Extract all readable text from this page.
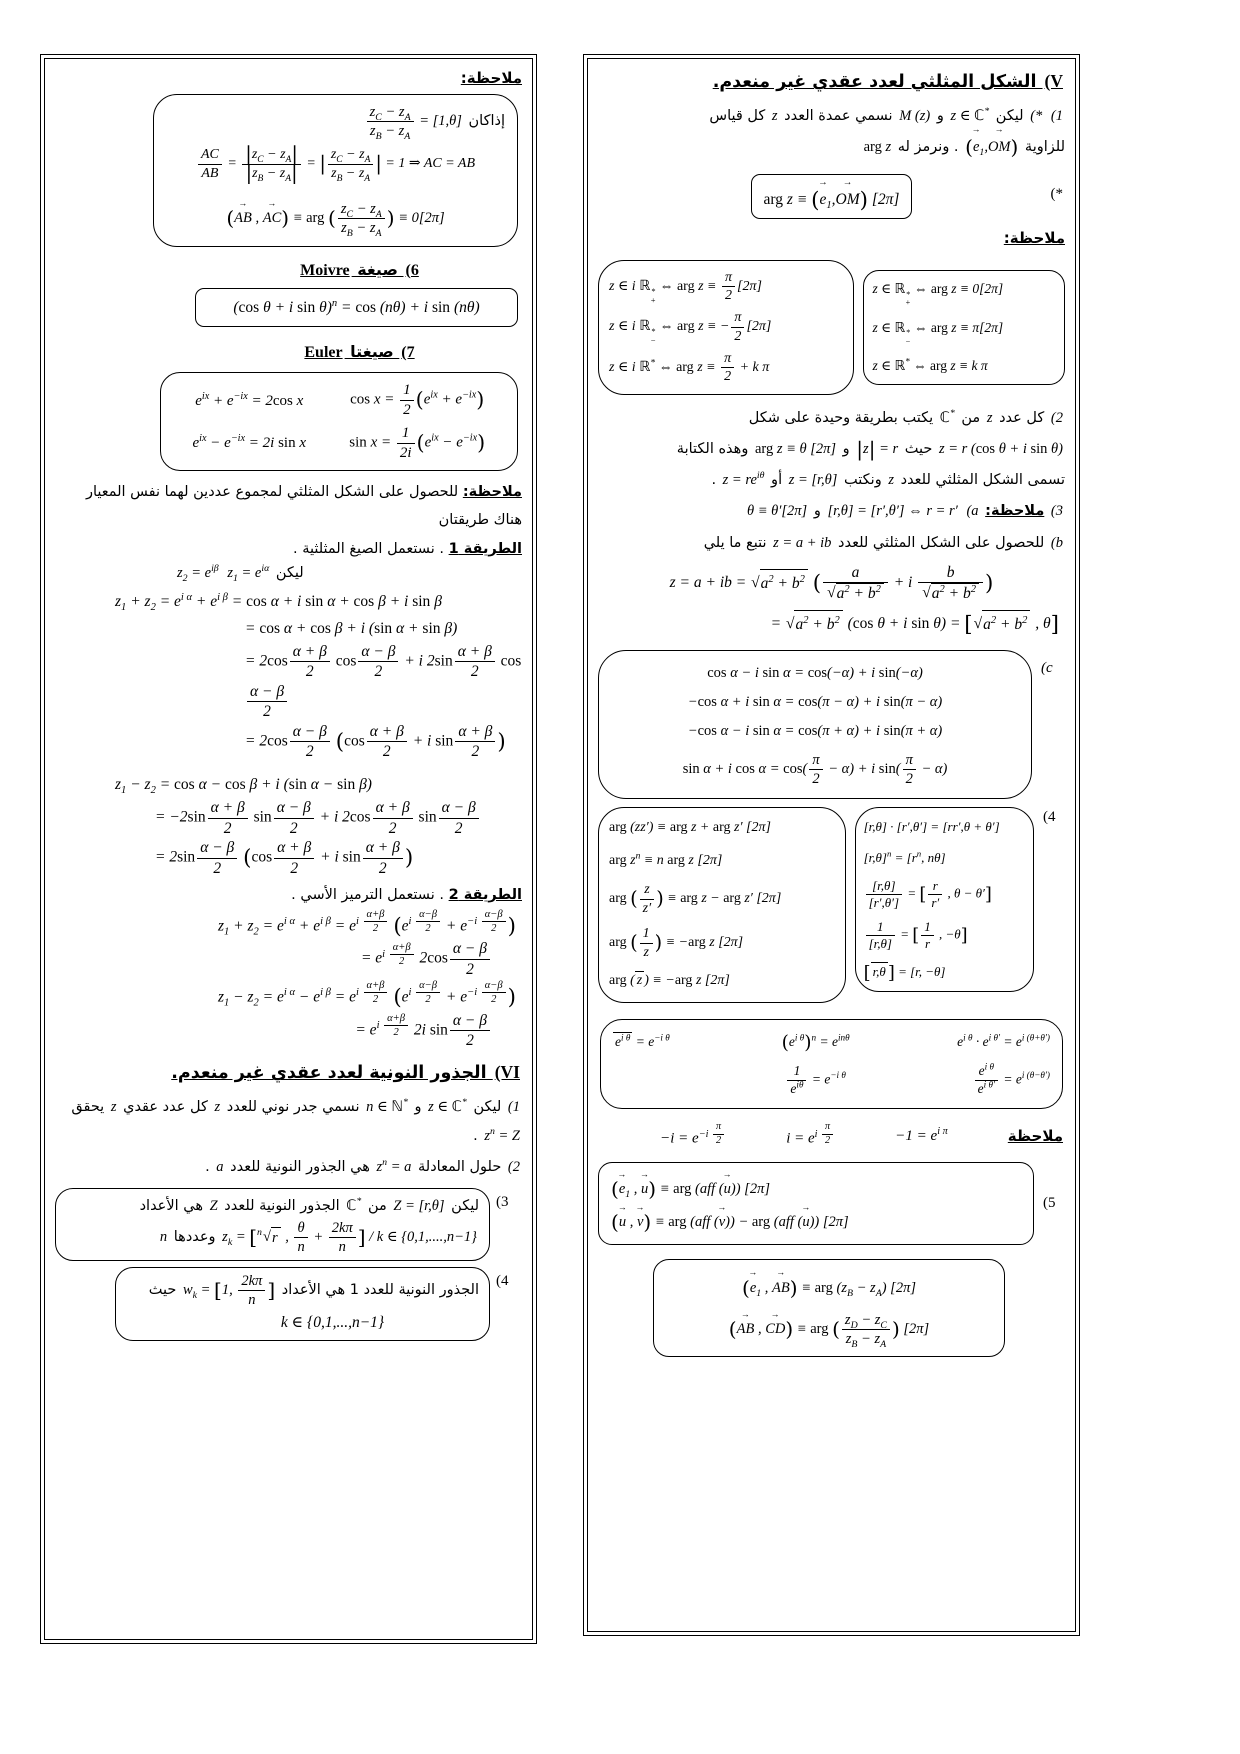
ملاحظة:
إذاكان
$\frac{z_C - z_A}{z_B - z_A} = [1,\theta]$
$\frac{AC}{AB} = \frac{|z_C - z_A|}{|z_B - z_A|}$ = | $\frac{z_C - z_A}{z_B - z_A}$ | = 1 ⇒ AC = AB
(→ AB , → AC) ≡ arg ( $\frac{z_C - z_A}{z_B - z_A}$ ) ≡ 0[2π]
(6 صيغة Moivre
(cos θ + i sin θ)$^n$ = cos (nθ) + i sin (nθ)
(7 صيغتا Euler
$e^{ix} + e^{-ix} = 2\cos$ x	$\cos x = \frac{1}{2} (e^{ix} + e^{-ix})$
$e^{ix} - e^{-ix} = 2i$ sin x	$\sin x = \frac{1}{2i} (e^{ix} - e^{-ix})$

ملاحظة: للحصول على الشكل المثلثي لمجموع عددين لهما نفس المعيار هناك طريقتان

الطريقة 1 . نستعمل الصيغ المثلثية .
ليكن $z_1 = e^{i\alpha}$ $z_2 = e^{i\beta}$
$z_1 + z_2 = e^{i \alpha} + e^{i \beta} = \cos \alpha + i$ sin α + cos β + i sin β
= cos α + cos β + i (sin α + sin β)
= $2\cos \frac{\alpha + \beta}{2}$ $\cos \frac{\alpha - \beta}{2} + i$ $2\sin \frac{\alpha + \beta}{2}$ cos
$\frac{\alpha - \beta}{2}$
= $2\cos \frac{\alpha - \beta}{2} (\cos \frac{\alpha + \beta}{2} + i$ $\sin \frac{\alpha + \beta}{2}$ )
$z_1 - z_2 = \cos \alpha - \cos \beta + i$ (sin α − sin β)
= $-2\sin \frac{\alpha + \beta}{2}$ $\sin \frac{\alpha - \beta}{2} + i$ $2\cos \frac{\alpha + \beta}{2}$ $\sin \frac{\alpha - \beta}{2}$
= $2\sin \frac{\alpha - \beta}{2} (\cos \frac{\alpha + \beta}{2} + i$ $\sin \frac{\alpha + \beta}{2}$ )
الطريقة 2 . نستعمل الترميز الأسي .
$z_1 + z_2 = e^{i \alpha} + e^{i \beta} = e^{i \frac{\alpha+\beta}{2}}$ ($e^{i \frac{\alpha-\beta}{2}} + e^{-i \frac{\alpha-\beta}{2}}$ )
= $e^{i \frac{\alpha+\beta}{2}}$ $2\cos \frac{\alpha - \beta}{2}$
$z_1 - z_2 = e^{i \alpha} - e^{i \beta} = e^{i \frac{\alpha+\beta}{2}}$ ($e^{i \frac{\alpha-\beta}{2}} + e^{-i \frac{\alpha-\beta}{2}}$ )
= $e^{i \frac{\alpha+\beta}{2}}$ 2i $\sin \frac{\alpha - \beta}{2}$
(VI الجذور النونية لعدد عقدي غير منعدم.

(1 ليكن z ∈ ℂ* و n ∈ ℕ* نسمي جدر نوني للعدد z كل عدد عقدي z يحقق $z^n = Z$ .

(2 حلول المعادلة $z^n = a$ هي الجذور النونية للعدد a .

(3
ليكن Z = [r,θ] من ℂ* الجذور النونية للعدد Z هي الأعداد
$z_k = [^n$ √ r , $\frac{\theta}{n} + \frac{2k\pi}{n}$ ] / k ∈ {0,1,....,n−1} وعددها n
(4
الجذور النونية للعدد 1 هي الأعداد $w_k = [1$, $\frac{2k\pi}{n}$ ] حيث
k ∈ {0,1,...,n−1}
(V الشكل المثلثي لعدد عقدي غير منعدم.

(1 (* ليكن z ∈ ℂ* و M (z) نسمي عمدة العدد z كل قياس

للزاوية (→ $e_1,\to OM$) . ونرمز له arg z

arg z ≡ (→ $e_1,\to OM$) [2π]	(*
ملاحظة:
z ∈ ℝ *
+
⇔ arg z ≡ 0[2π]
z ∈ ℝ *
−
⇔ arg z ≡ π[2π]
z ∈ ℝ* ⇔ arg z ≡ k π
z ∈ i ℝ *
+
⇔ arg $z \equiv \frac{\pi}{2} [2\pi]$
z ∈ i ℝ *
−
⇔ arg z ≡ − $\frac{\pi}{2} [2\pi]$
z ∈ i ℝ* ⇔ arg $z \equiv \frac{\pi}{2} + k$ π

(2 كل عدد z من ℂ* يكتب بطريقة وحيدة على شكل

z = r (cos θ + i sin θ) حيث |z| = r و arg z ≡ θ [2π] وهذه الكتابة

تسمى الشكل المثلثي للعدد z ونكتب z = [r,θ] أو $z = re^{i\theta}$ .

(3 ملاحظة: (a [r,θ] = [r′,θ′] ⇔ r = r′ و θ ≡ θ′[2π]

(b للحصول على الشكل المثلثي للعدد z = a + ib نتبع ما يلي

z = a + ib = √ $a^2 + b^2$ ( $\frac{a}{√ a^2 + b^2} + i \frac{b}{√ a^2 + b^2}$ )
= √ $a^2 + b^2$ (cos θ + i sin θ) = [ √ $a^2 + b^2$ , θ]
(c
cos α − i sin α = cos(−α) + i sin(−α)
−cos α + i sin α = cos(π − α) + i sin(π − α)
−cos α − i sin α = cos(π + α) + i sin(π + α)
sin α + i $\cos \alpha = \cos( \frac{\pi}{2} - \alpha) + i$ $\sin( \frac{\pi}{2} - \alpha)$
(4
[r,θ] · [r′,θ′] = [rr′,θ + θ′]
$[r,\theta]^n = [r^n$, nθ]
$\frac{[r,\theta]}{[r',\theta']}$ = [ $\frac{r}{r'}$ , θ − θ′]
$\frac{1}{[r,\theta]}$ = [ $\frac{1}{r}$ , −θ]
[ r,θ ] = [r, −θ]
arg (zz′) ≡ arg z + arg z′ [2π]
arg $z^n \equiv n$ arg z [2π]
arg ( $\frac{z}{z'}$ ) ≡ arg z − arg z′ [2π]
arg ( $\frac{1}{z}$ ) ≡ −arg z [2π]
arg ( z ) ≡ −arg z [2π]
$e^{i \theta} = e^{-i \theta}$	$(e^{i \theta})^n = e^{in\theta}$	$e^{i \theta} \cdot e^{i \theta'} = e^{i (\theta+\theta')}$
1
$e^{i\theta} = e^{-i \theta}$	$\frac{e^{i \theta}}{e^{i \theta'}} = e^{i (\theta-\theta')}$
ملاحظة
$-i = e^{-i \frac{\pi}{2}}$	$i = e^{i \frac{\pi}{2}}$	$-1 = e^{i \pi}$
(5
(→ $e_1$ , → u) ≡ arg (aff (→ u)) [2π]
(→ u , → v) ≡ arg (aff (→ v)) − arg (aff (→ u)) [2π]
(→ $e_1$ , → AB) ≡ arg $(z_B - z_A)$ [2π]
(→ AB , → CD) ≡ arg ( $\frac{z_D - z_C}{z_B - z_A}$ ) [2π]
